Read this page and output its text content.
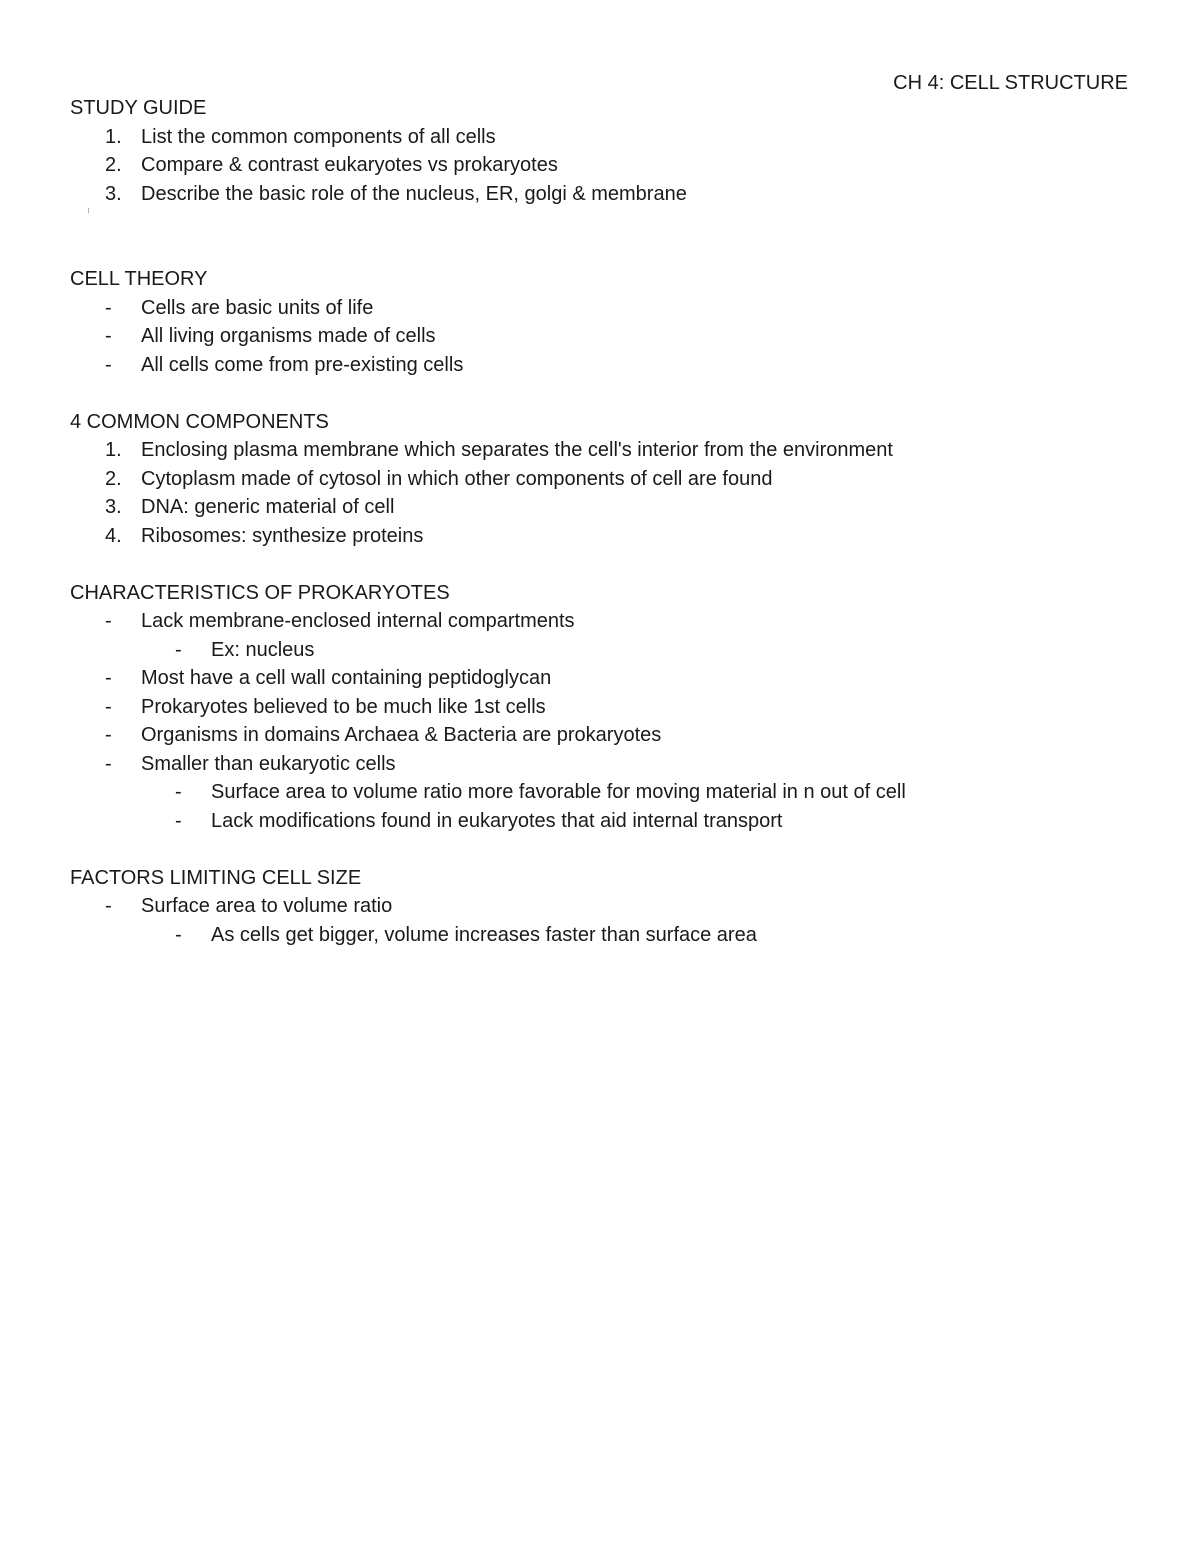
CH 4: CELL STRUCTURE
STUDY GUIDE
1. List the common components of all cells
2. Compare & contrast eukaryotes vs prokaryotes
3. Describe the basic role of the nucleus, ER, golgi & membrane
CELL THEORY
- Cells are basic units of life
- All living organisms made of cells
- All cells come from pre-existing cells
4 COMMON COMPONENTS
1. Enclosing plasma membrane which separates the cell's interior from the environment
2. Cytoplasm made of cytosol in which other components of cell are found
3. DNA: generic material of cell
4. Ribosomes: synthesize proteins
CHARACTERISTICS OF PROKARYOTES
- Lack membrane-enclosed internal compartments
- Ex: nucleus
- Most have a cell wall containing peptidoglycan
- Prokaryotes believed to be much like 1st cells
- Organisms in domains Archaea & Bacteria are prokaryotes
- Smaller than eukaryotic cells
- Surface area to volume ratio more favorable for moving material in n out of cell
- Lack modifications found in eukaryotes that aid internal transport
FACTORS LIMITING CELL SIZE
- Surface area to volume ratio
- As cells get bigger, volume increases faster than surface area
